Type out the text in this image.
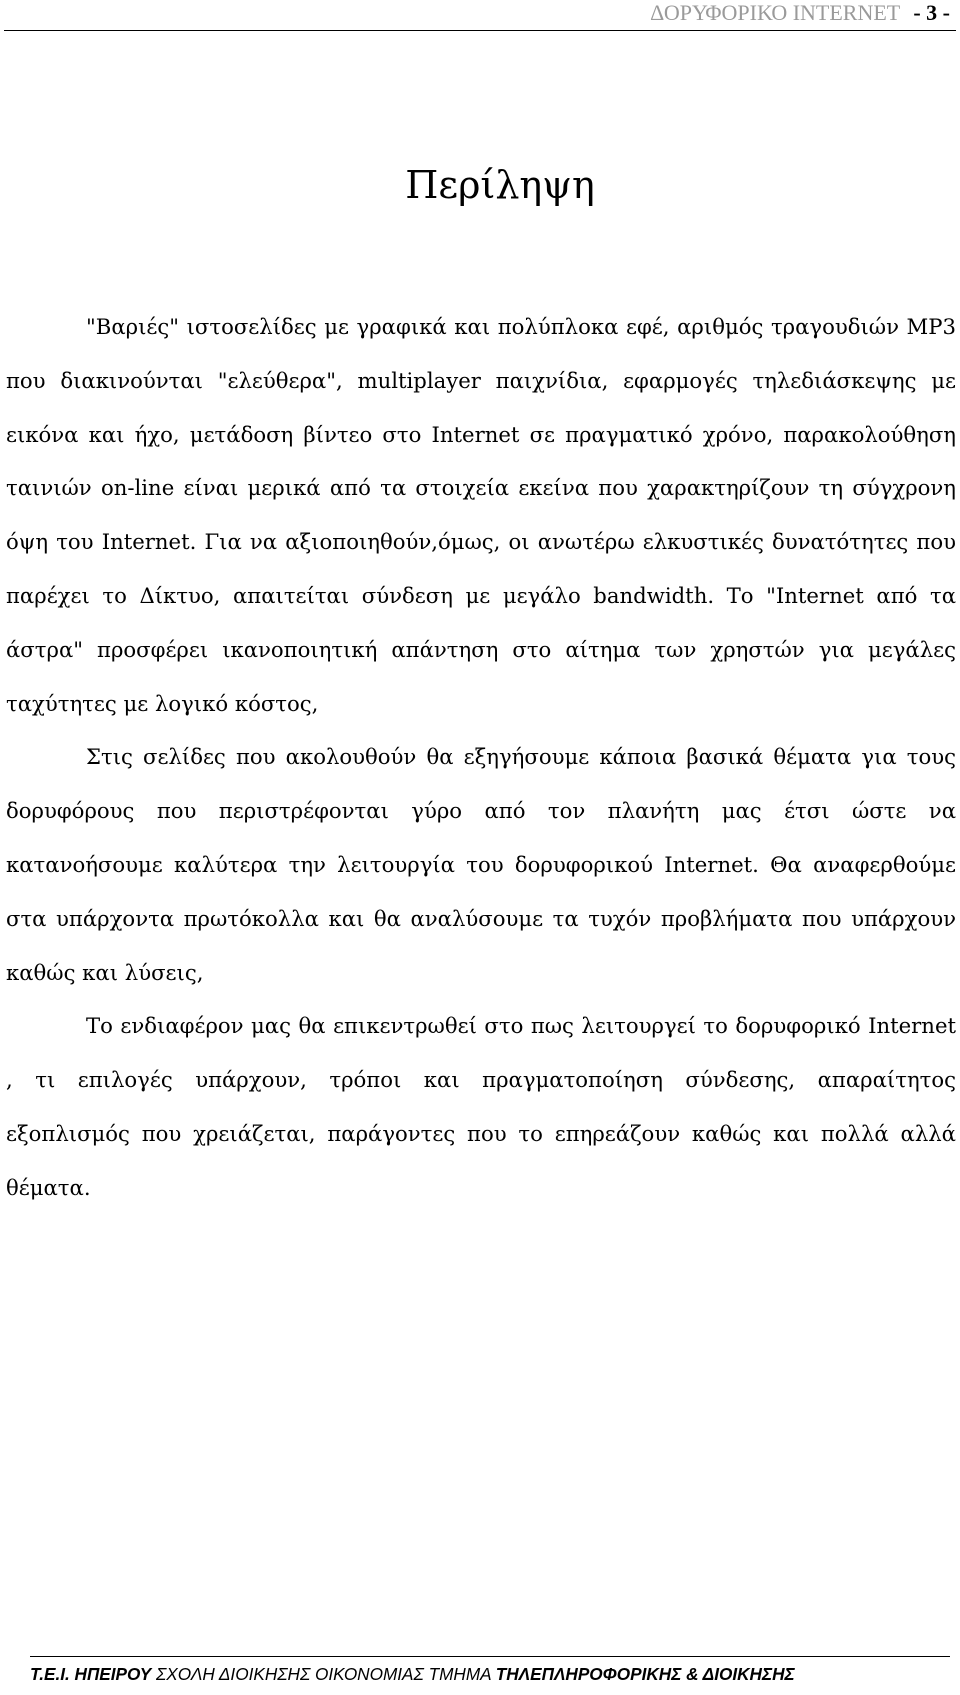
ΔΟΡΥΦΟΡΙΚΟ INTERNET - 3 -
Περίληψη

"Βαριές" ιστοσελίδες με γραφικά και πολύπλοκα εφέ, αριθμός τραγουδιών MP3 που διακινούνται "ελεύθερα", multiplayer παιχνίδια, εφαρμογές τηλεδιάσκεψης με εικόνα και ήχο, μετάδοση βίντεο στο Internet σε πραγματικό χρόνο, παρακολούθηση ταινιών on-line είναι μερικά από τα στοιχεία εκείνα που χαρακτηρίζουν τη σύγχρονη όψη του Internet. Για να αξιοποιηθούν,όμως, οι ανωτέρω ελκυστικές δυνατότητες που παρέχει το Δίκτυο, απαιτείται σύνδεση με μεγάλο bandwidth. Το "Internet από τα άστρα" προσφέρει ικανοποιητική απάντηση στο αίτημα των χρηστών για μεγάλες ταχύτητες με λογικό κόστος,

Στις σελίδες που ακολουθούν θα εξηγήσουμε κάποια βασικά θέματα για τους δορυφόρους που περιστρέφονται γύρο από τον πλανήτη μας έτσι ώστε να κατανοήσουμε καλύτερα την λειτουργία του δορυφορικού Internet. Θα αναφερθούμε στα υπάρχοντα πρωτόκολλα και θα αναλύσουμε τα τυχόν προβλήματα που υπάρχουν καθώς και λύσεις,

Το ενδιαφέρον μας θα επικεντρωθεί στο πως λειτουργεί το δορυφορικό Internet , τι επιλογές υπάρχουν, τρόποι και πραγματοποίηση σύνδεσης, απαραίτητος εξοπλισμός που χρειάζεται, παράγοντες που το επηρεάζουν καθώς και πολλά αλλά θέματα.

T.E.I. ΗΠΕΙΡΟΥ ΣΧΟΛΗ ΔΙΟΙΚΗΣΗΣ ΟΙΚΟΝΟΜΙΑΣ ΤΜΗΜΑ ΤΗΛΕΠΛΗΡΟΦΟΡΙΚΗΣ & ΔΙΟΙΚΗΣΗΣ
